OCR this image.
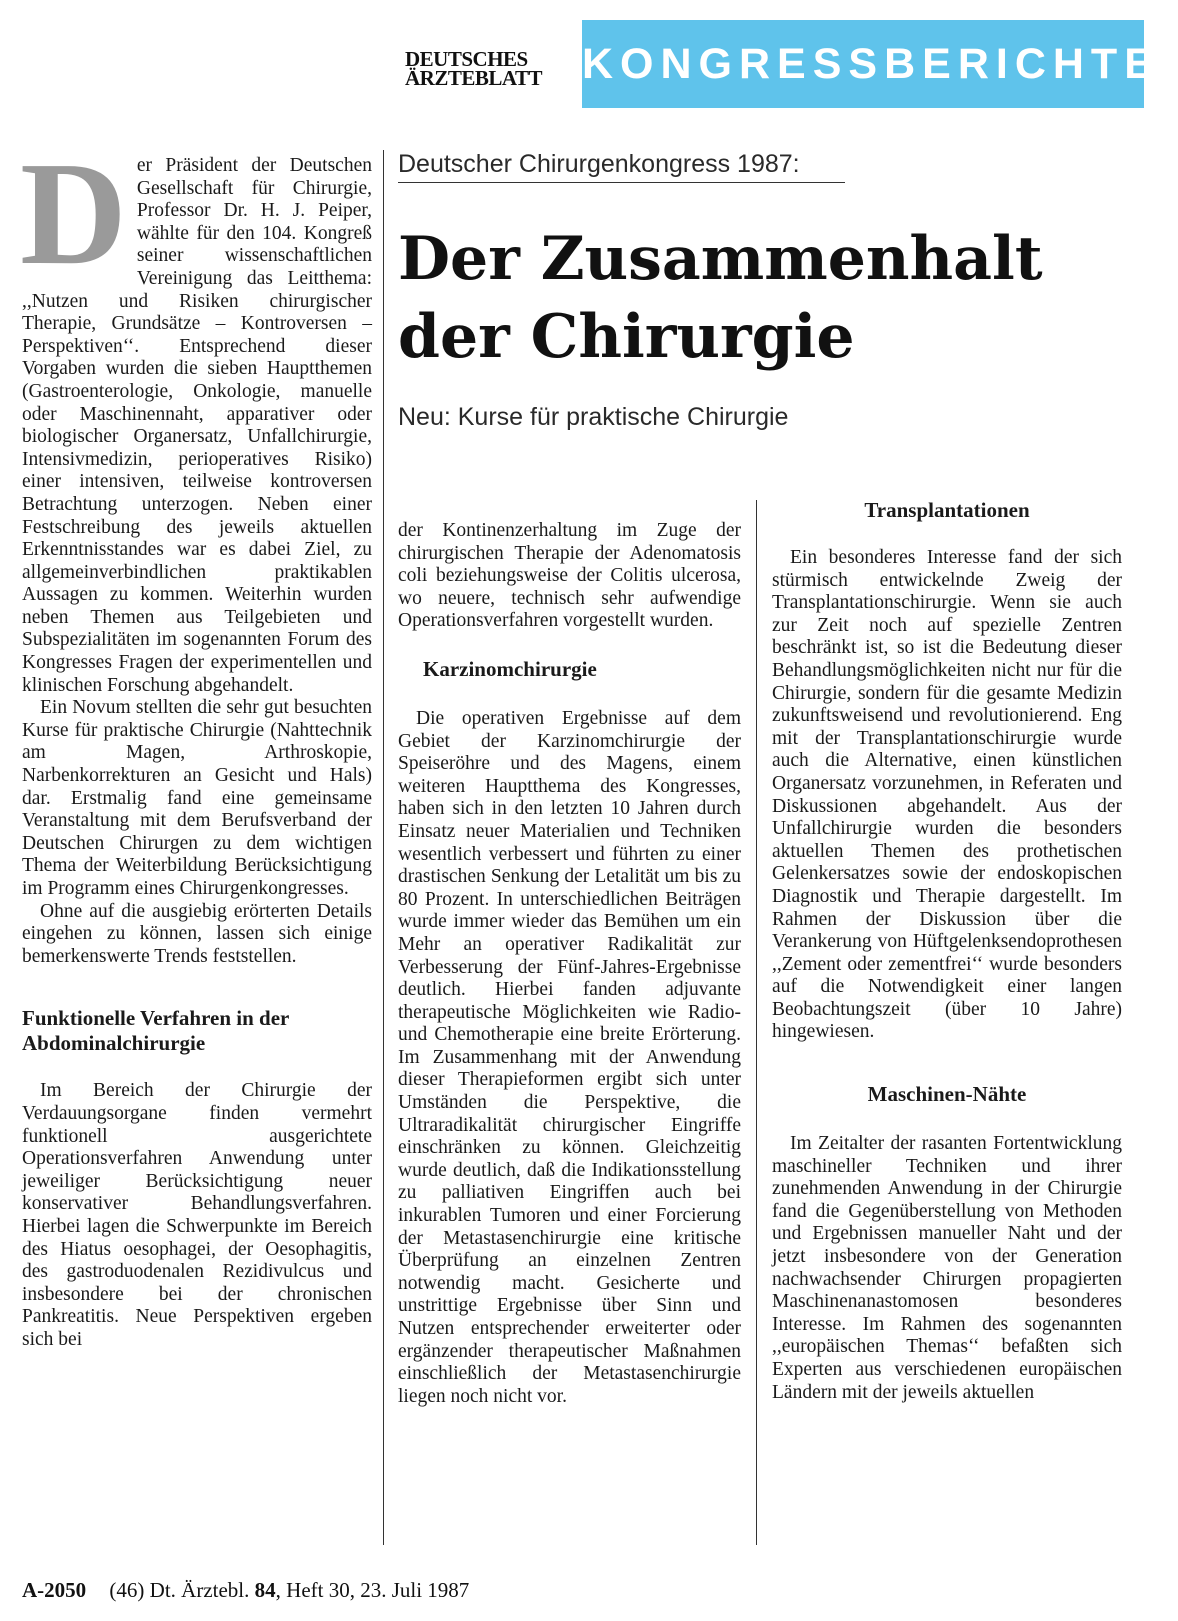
DEUTSCHES
ÄRZTEBLATT KONGRESSBERICHTE
Deutscher Chirurgenkongress 1987:
Der Zusammenhalt
der Chirurgie
Neu: Kurse für praktische Chirurgie

Der Präsident der Deutschen Gesellschaft für Chirurgie, Professor Dr. H. J. Peiper, wählte für den 104. Kongreß seiner wissenschaftlichen Vereinigung das Leitthema: ,,Nutzen und Risiken chirurgischer Therapie, Grundsätze – Kontroversen – Perspektiven‘‘. Entsprechend dieser Vorgaben wurden die sieben Hauptthemen (Gastroenterologie, Onkologie, manuelle oder Maschinennaht, apparativer oder biologischer Organersatz, Unfallchirurgie, Intensivmedizin, perioperatives Risiko) einer intensiven, teilweise kontroversen Betrachtung unterzogen. Neben einer Festschreibung des jeweils aktuellen Erkenntnisstandes war es dabei Ziel, zu allgemeinverbindlichen praktikablen Aussagen zu kommen. Weiterhin wurden neben Themen aus Teilgebieten und Subspezialitäten im sogenannten Forum des Kongresses Fragen der experimentellen und klinischen Forschung abgehandelt.

Ein Novum stellten die sehr gut besuchten Kurse für praktische Chirurgie (Nahttechnik am Magen, Arthroskopie, Narbenkorrekturen an Gesicht und Hals) dar. Erstmalig fand eine gemeinsame Veranstaltung mit dem Berufsverband der Deutschen Chirurgen zu dem wichtigen Thema der Weiterbildung Berücksichtigung im Programm eines Chirurgenkongresses.

Ohne auf die ausgiebig erörterten Details eingehen zu können, lassen sich einige bemerkenswerte Trends feststellen.

Funktionelle Verfahren in der Abdominalchirurgie

Im Bereich der Chirurgie der Verdauungsorgane finden vermehrt funktionell ausgerichtete Operationsverfahren Anwendung unter jeweiliger Berücksichtigung neuer konservativer Behandlungsverfahren. Hierbei lagen die Schwerpunkte im Bereich des Hiatus oesophagei, der Oesophagitis, des gastroduodenalen Rezidivulcus und insbesondere bei der chronischen Pankreatitis. Neue Perspektiven ergeben sich bei

der Kontinenzerhaltung im Zuge der chirurgischen Therapie der Adenomatosis coli beziehungsweise der Colitis ulcerosa, wo neuere, technisch sehr aufwendige Operationsverfahren vorgestellt wurden.

Karzinomchirurgie

Die operativen Ergebnisse auf dem Gebiet der Karzinomchirurgie der Speiseröhre und des Magens, einem weiteren Hauptthema des Kongresses, haben sich in den letzten 10 Jahren durch Einsatz neuer Materialien und Techniken wesentlich verbessert und führten zu einer drastischen Senkung der Letalität um bis zu 80 Prozent. In unterschiedlichen Beiträgen wurde immer wieder das Bemühen um ein Mehr an operativer Radikalität zur Verbesserung der Fünf-Jahres-Ergebnisse deutlich. Hierbei fanden adjuvante therapeutische Möglichkeiten wie Radio- und Chemotherapie eine breite Erörterung. Im Zusammenhang mit der Anwendung dieser Therapieformen ergibt sich unter Umständen die Perspektive, die Ultraradikalität chirurgischer Eingriffe einschränken zu können. Gleichzeitig wurde deutlich, daß die Indikationsstellung zu palliativen Eingriffen auch bei inkurablen Tumoren und einer Forcierung der Metastasenchirurgie eine kritische Überprüfung an einzelnen Zentren notwendig macht. Gesicherte und unstrittige Ergebnisse über Sinn und Nutzen entsprechender erweiterter oder ergänzender therapeutischer Maßnahmen einschließlich der Metastasenchirurgie liegen noch nicht vor.

Transplantationen

Ein besonderes Interesse fand der sich stürmisch entwickelnde Zweig der Transplantationschirurgie. Wenn sie auch zur Zeit noch auf spezielle Zentren beschränkt ist, so ist die Bedeutung dieser Behandlungsmöglichkeiten nicht nur für die Chirurgie, sondern für die gesamte Medizin zukunftsweisend und revolutionierend. Eng mit der Transplantationschirurgie wurde auch die Alternative, einen künstlichen Organersatz vorzunehmen, in Referaten und Diskussionen abgehandelt. Aus der Unfallchirurgie wurden die besonders aktuellen Themen des prothetischen Gelenkersatzes sowie der endoskopischen Diagnostik und Therapie dargestellt. Im Rahmen der Diskussion über die Verankerung von Hüftgelenksendoprothesen ,,Zement oder zementfrei‘‘ wurde besonders auf die Notwendigkeit einer langen Beobachtungszeit (über 10 Jahre) hingewiesen.

Maschinen-Nähte

Im Zeitalter der rasanten Fortentwicklung maschineller Techniken und ihrer zunehmenden Anwendung in der Chirurgie fand die Gegenüberstellung von Methoden und Ergebnissen manueller Naht und der jetzt insbesondere von der Generation nachwachsender Chirurgen propagierten Maschinenanastomosen besonderes Interesse. Im Rahmen des sogenannten ,,europäischen Themas‘‘ befaßten sich Experten aus verschiedenen europäischen Ländern mit der jeweils aktuellen

A-2050 (46) Dt. Ärztebl. 84, Heft 30, 23. Juli 1987
